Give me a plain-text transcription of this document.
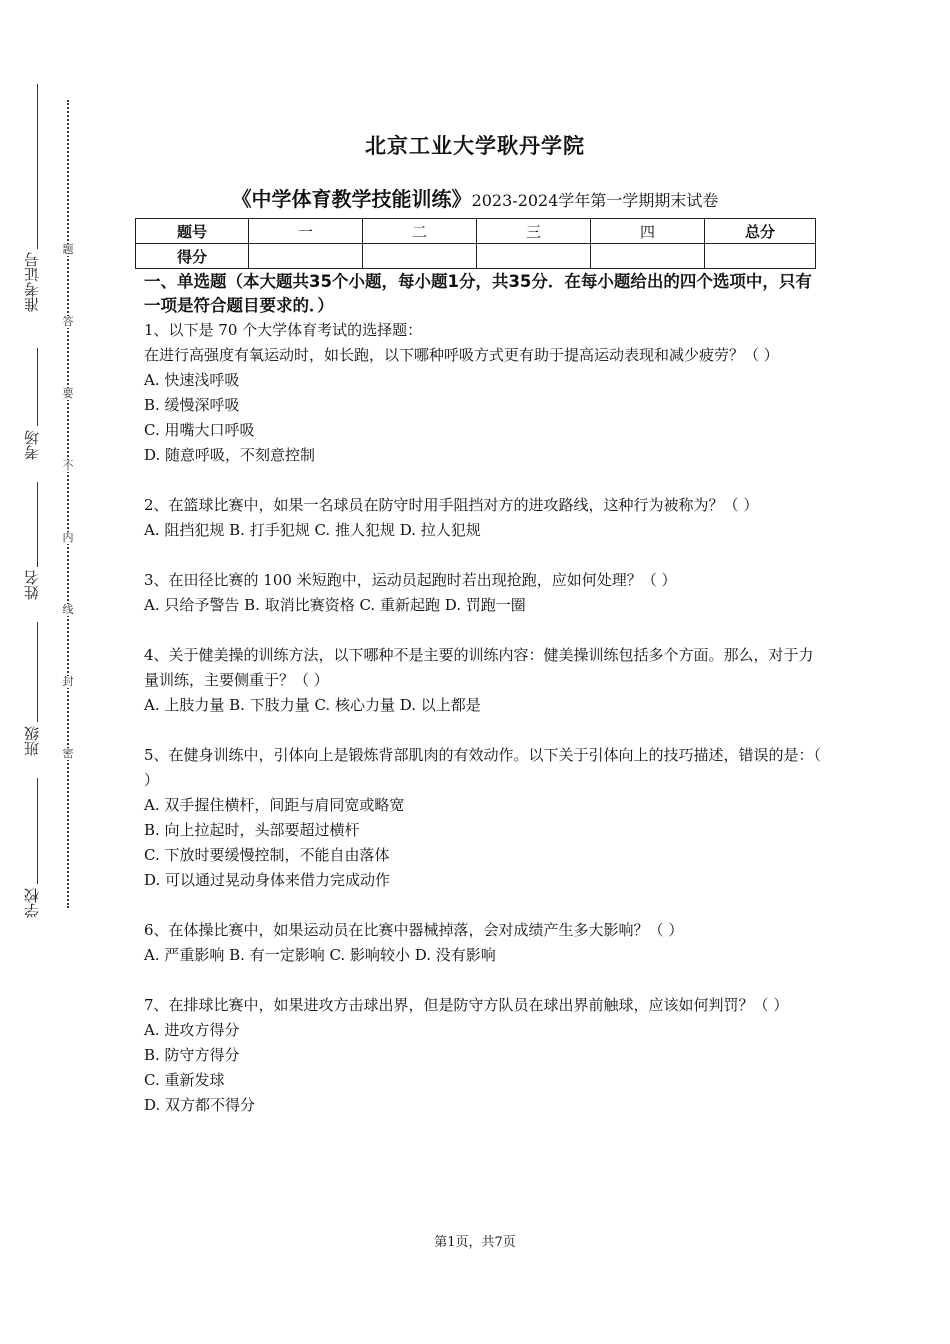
准考证号
考场
姓名
班级
学校
题
答
要
不
内
线
封
密
北京工业大学耿丹学院
《中学体育教学技能训练》2023-2024学年第一学期期末试卷
题号	一	二	三	四	总分
得分					
一、单选题（本大题共35个小题，每小题1分，共35分．在每小题给出的四个选项中，只有一项是符合题目要求的．）
1、以下是 70 个大学体育考试的选择题：
在进行高强度有氧运动时，如长跑，以下哪种呼吸方式更有助于提高运动表现和减少疲劳？（ ）
A. 快速浅呼吸
B. 缓慢深呼吸
C. 用嘴大口呼吸
D. 随意呼吸，不刻意控制
2、在篮球比赛中，如果一名球员在防守时用手阻挡对方的进攻路线，这种行为被称为？（ ）
A. 阻挡犯规 B. 打手犯规 C. 推人犯规 D. 拉人犯规
3、在田径比赛的 100 米短跑中，运动员起跑时若出现抢跑，应如何处理？（ ）
A. 只给予警告 B. 取消比赛资格 C. 重新起跑 D. 罚跑一圈
4、关于健美操的训练方法，以下哪种不是主要的训练内容：健美操训练包括多个方面。那么，对于力量训练，主要侧重于？（ ）
A. 上肢力量 B. 下肢力量 C. 核心力量 D. 以上都是
5、在健身训练中，引体向上是锻炼背部肌肉的有效动作。以下关于引体向上的技巧描述，错误的是：（ ）
A. 双手握住横杆，间距与肩同宽或略宽
B. 向上拉起时，头部要超过横杆
C. 下放时要缓慢控制，不能自由落体
D. 可以通过晃动身体来借力完成动作
6、在体操比赛中，如果运动员在比赛中器械掉落，会对成绩产生多大影响？（ ）
A. 严重影响 B. 有一定影响 C. 影响较小 D. 没有影响
7、在排球比赛中，如果进攻方击球出界，但是防守方队员在球出界前触球，应该如何判罚？（ ）
A. 进攻方得分
B. 防守方得分
C. 重新发球
D. 双方都不得分
第1页，共7页
